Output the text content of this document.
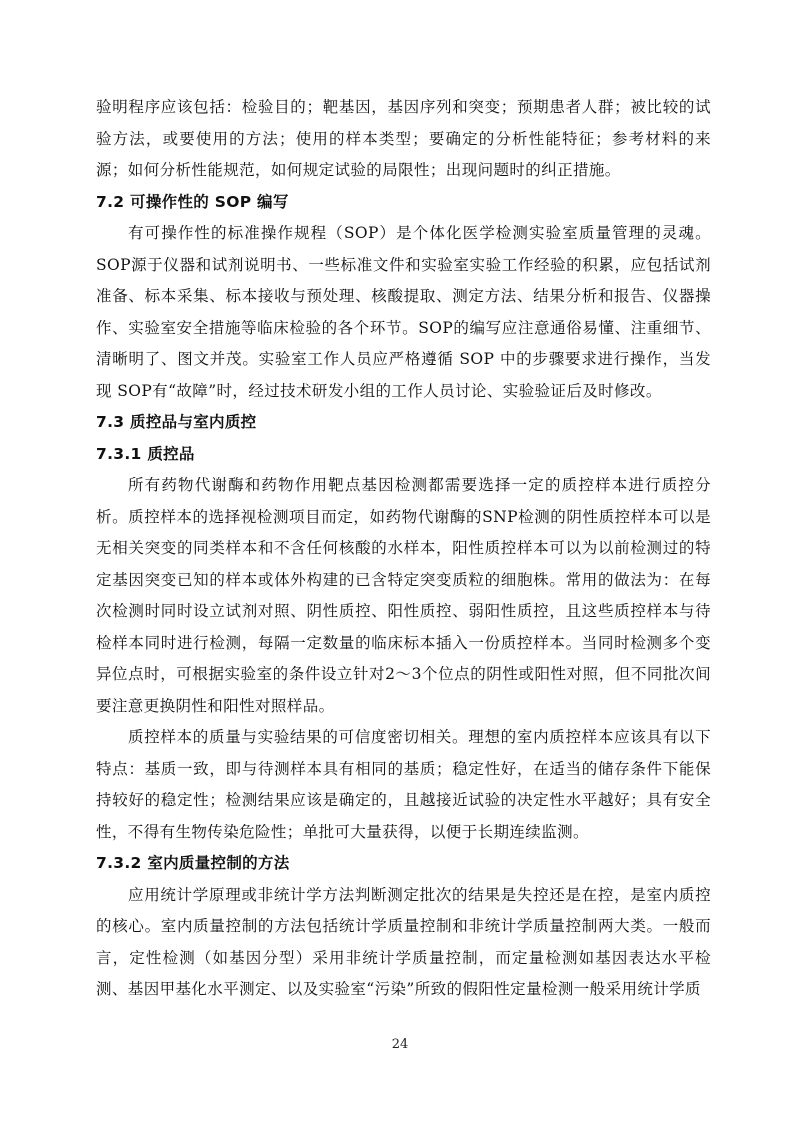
验明程序应该包括：检验目的；靶基因，基因序列和突变；预期患者人群；被比较的试验方法，或要使用的方法；使用的样本类型；要确定的分析性能特征；参考材料的来源；如何分析性能规范，如何规定试验的局限性；出现问题时的纠正措施。

7.2 可操作性的 SOP 编写

有可操作性的标准操作规程（SOP）是个体化医学检测实验室质量管理的灵魂。SOP源于仪器和试剂说明书、一些标准文件和实验室实验工作经验的积累，应包括试剂准备、标本采集、标本接收与预处理、核酸提取、测定方法、结果分析和报告、仪器操作、实验室安全措施等临床检验的各个环节。SOP的编写应注意通俗易懂、注重细节、清晰明了、图文并茂。实验室工作人员应严格遵循 SOP 中的步骤要求进行操作，当发现 SOP有“故障”时，经过技术研发小组的工作人员讨论、实验验证后及时修改。

7.3 质控品与室内质控
7.3.1 质控品

所有药物代谢酶和药物作用靶点基因检测都需要选择一定的质控样本进行质控分析。质控样本的选择视检测项目而定，如药物代谢酶的SNP检测的阴性质控样本可以是无相关突变的同类样本和不含任何核酸的水样本，阳性质控样本可以为以前检测过的特定基因突变已知的样本或体外构建的已含特定突变质粒的细胞株。常用的做法为：在每次检测时同时设立试剂对照、阴性质控、阳性质控、弱阳性质控，且这些质控样本与待检样本同时进行检测，每隔一定数量的临床标本插入一份质控样本。当同时检测多个变异位点时，可根据实验室的条件设立针对2～3个位点的阴性或阳性对照，但不同批次间要注意更换阴性和阳性对照样品。

质控样本的质量与实验结果的可信度密切相关。理想的室内质控样本应该具有以下特点：基质一致，即与待测样本具有相同的基质；稳定性好，在适当的储存条件下能保持较好的稳定性；检测结果应该是确定的，且越接近试验的决定性水平越好；具有安全性，不得有生物传染危险性；单批可大量获得，以便于长期连续监测。

7.3.2 室内质量控制的方法

应用统计学原理或非统计学方法判断测定批次的结果是失控还是在控，是室内质控的核心。室内质量控制的方法包括统计学质量控制和非统计学质量控制两大类。一般而言，定性检测（如基因分型）采用非统计学质量控制，而定量检测如基因表达水平检测、基因甲基化水平测定、以及实验室“污染”所致的假阳性定量检测一般采用统计学质

24
